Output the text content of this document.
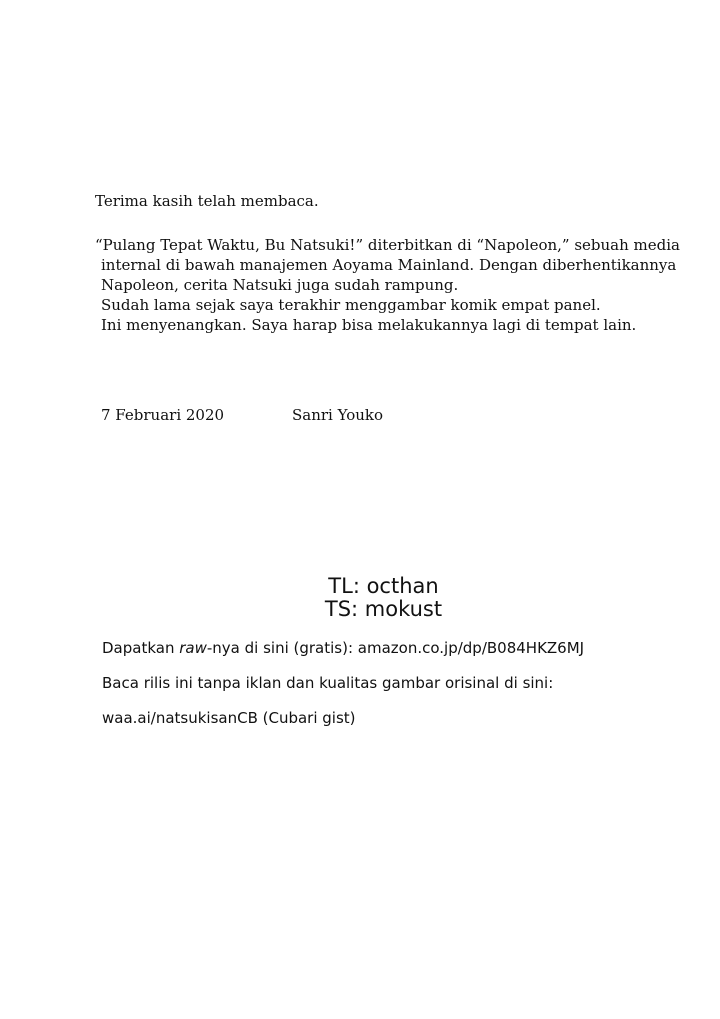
Terima kasih telah membaca.
“Pulang Tepat Waktu, Bu Natsuki!” diterbitkan di “Napoleon,” sebuah media
internal di bawah manajemen Aoyama Mainland. Dengan diberhentikannya
Napoleon, cerita Natsuki juga sudah rampung.
Sudah lama sejak saya terakhir menggambar komik empat panel.
Ini menyenangkan. Saya harap bisa melakukannya lagi di tempat lain.
7 Februari 2020	Sanri Youko
TL: octhan
TS: mokust
Dapatkan raw-nya di sini (gratis): amazon.co.jp/dp/B084HKZ6MJ
Baca rilis ini tanpa iklan dan kualitas gambar orisinal di sini:
waa.ai/natsukisanCB (Cubari gist)
